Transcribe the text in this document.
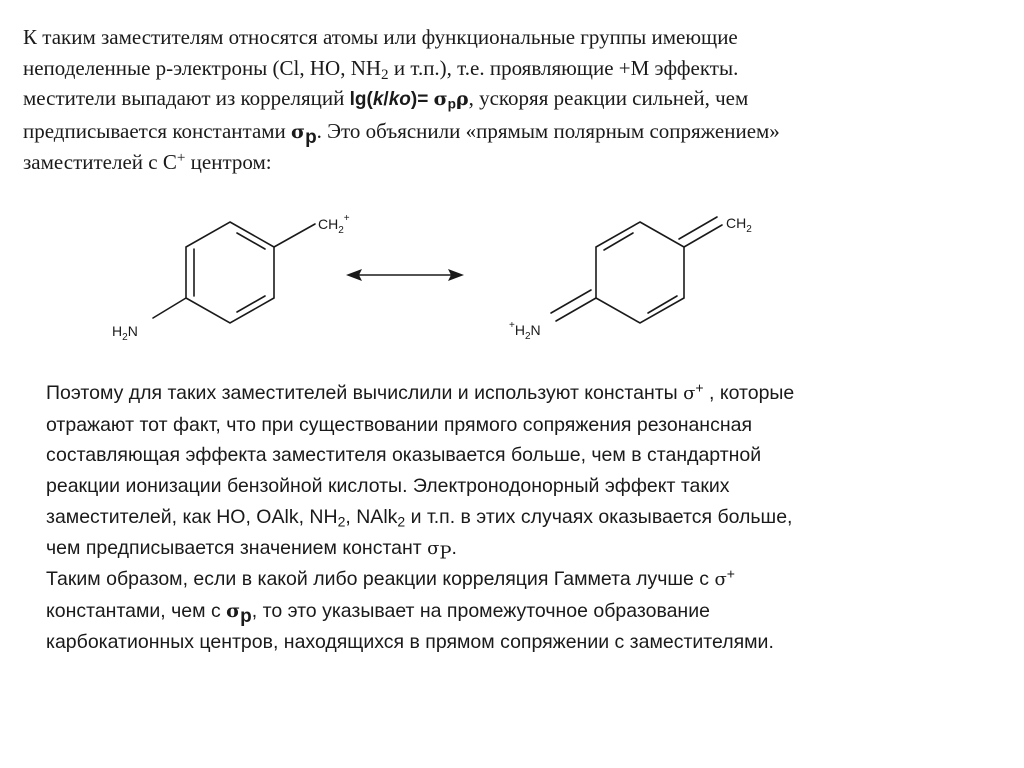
К таким заместителям относятся атомы или функциональные группы имеющие
неподеленные р-электроны (Cl, НО, $NH_2$ и т.п.), т.е. проявляющие +М эффекты.
местители выпадают из корреляций $\lg(k/ko)= \sigma_p\rho$, ускоряя реакции сильней, чем
предписывается константами $\sigma_p$. Это объяснили «прямым полярным сопряжением»
заместителей с С+ центром:
$CH_2^+$
$H_2N$
$CH_2$
$^+H_2N$
Поэтому для таких заместителей вычислили и используют константы σ+ , которые
отражают тот факт, что при существовании прямого сопряжения резонансная
составляющая эффекта заместителя оказывается больше, чем в стандартной
реакции ионизации бензойной кислоты. Электронодонорный эффект таких
заместителей, как НО, OAlk, $NH_2$, NAlk$_2$ и т.п. в этих случаях оказывается больше,
чем предписывается значением констант $\sigma_P$.
Таким образом, если в какой либо реакции корреляция Гаммета лучше с σ+
константами, чем с $\sigma_p$, то это указывает на промежуточное образование
карбокатионных центров, находящихся в прямом сопряжении с заместителями.
